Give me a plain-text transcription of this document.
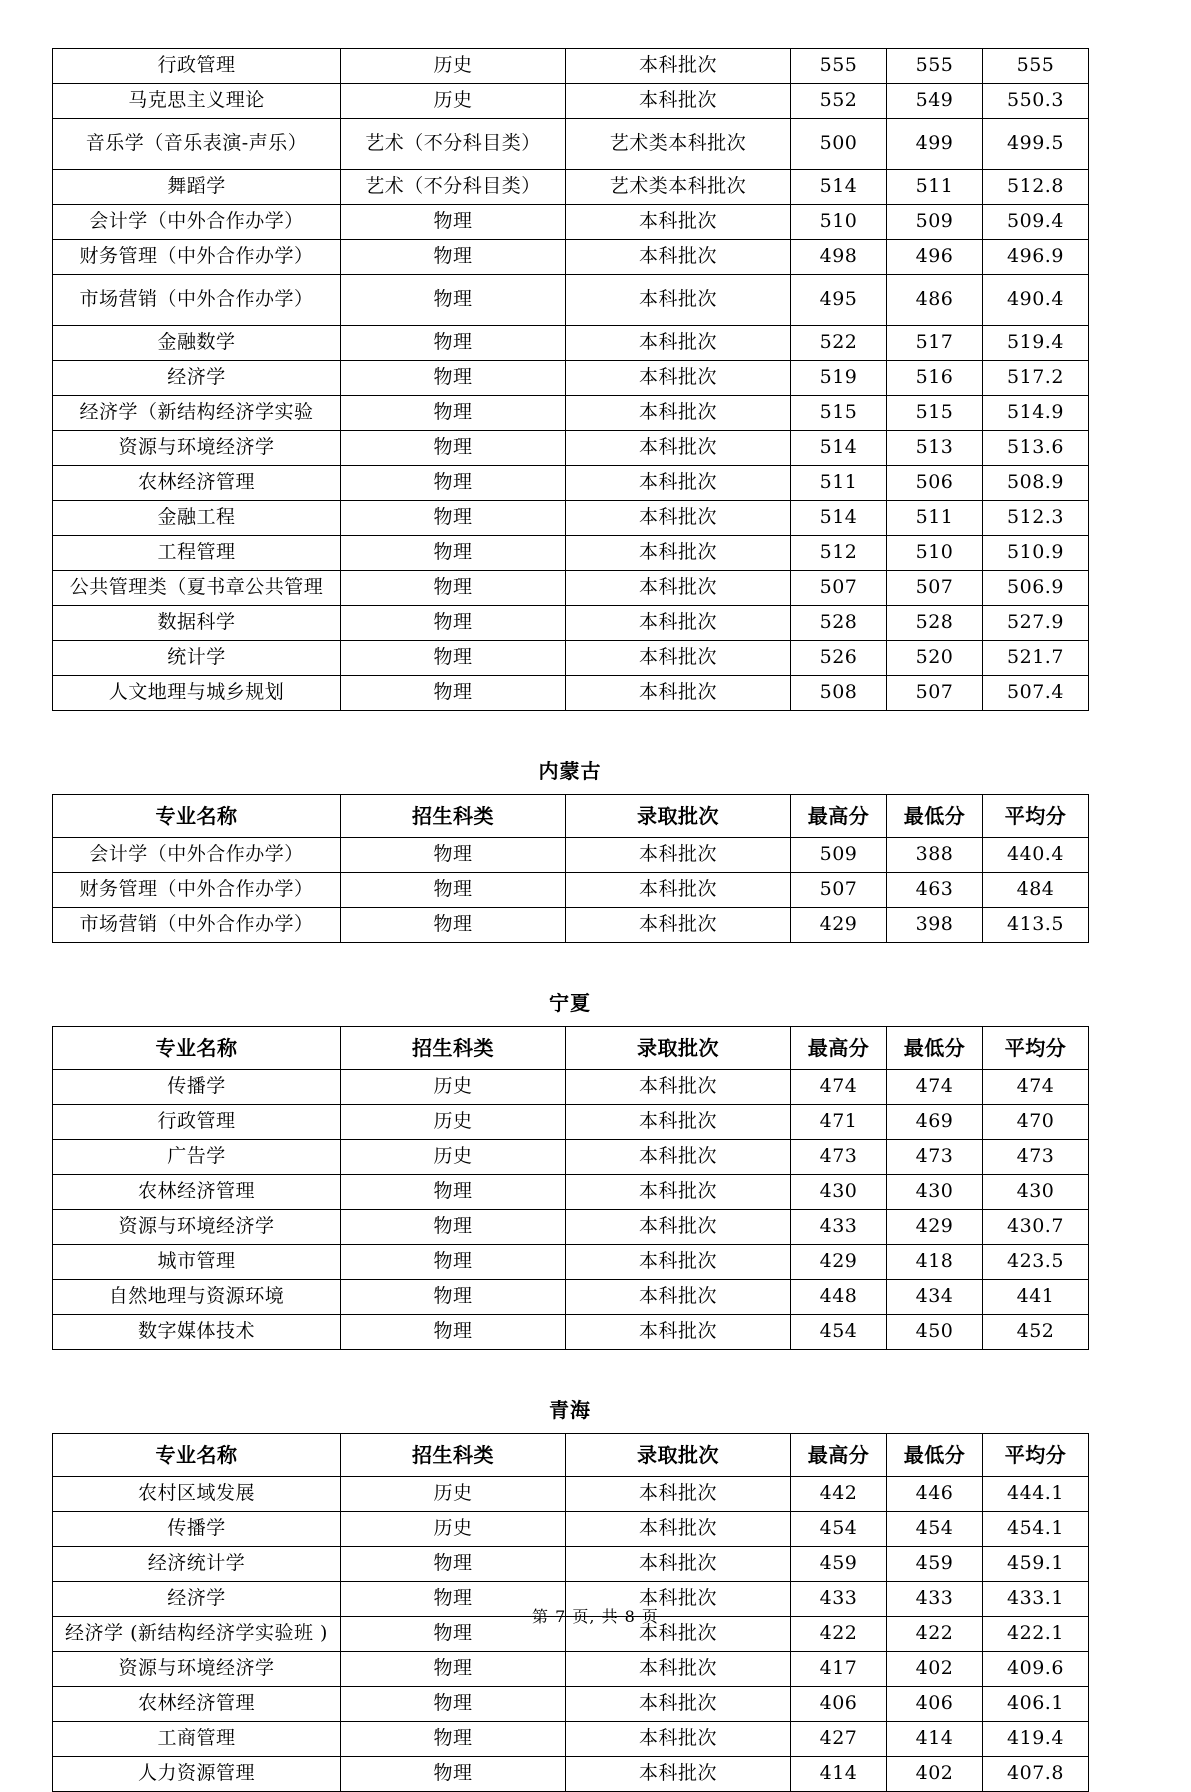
行政管理	历史	本科批次	555	555	555
马克思主义理论	历史	本科批次	552	549	550.3
音乐学（音乐表演-声乐）	艺术（不分科目类）	艺术类本科批次	500	499	499.5
舞蹈学	艺术（不分科目类）	艺术类本科批次	514	511	512.8
会计学（中外合作办学）	物理	本科批次	510	509	509.4
财务管理（中外合作办学）	物理	本科批次	498	496	496.9
市场营销（中外合作办学）	物理	本科批次	495	486	490.4
金融数学	物理	本科批次	522	517	519.4
经济学	物理	本科批次	519	516	517.2
经济学（新结构经济学实验	物理	本科批次	515	515	514.9
资源与环境经济学	物理	本科批次	514	513	513.6
农林经济管理	物理	本科批次	511	506	508.9
金融工程	物理	本科批次	514	511	512.3
工程管理	物理	本科批次	512	510	510.9
公共管理类（夏书章公共管理	物理	本科批次	507	507	506.9
数据科学	物理	本科批次	528	528	527.9
统计学	物理	本科批次	526	520	521.7
人文地理与城乡规划	物理	本科批次	508	507	507.4
内蒙古
专业名称	招生科类	录取批次	最高分	最低分	平均分
会计学（中外合作办学）	物理	本科批次	509	388	440.4
财务管理（中外合作办学）	物理	本科批次	507	463	484
市场营销（中外合作办学）	物理	本科批次	429	398	413.5
宁夏
专业名称	招生科类	录取批次	最高分	最低分	平均分
传播学	历史	本科批次	474	474	474
行政管理	历史	本科批次	471	469	470
广告学	历史	本科批次	473	473	473
农林经济管理	物理	本科批次	430	430	430
资源与环境经济学	物理	本科批次	433	429	430.7
城市管理	物理	本科批次	429	418	423.5
自然地理与资源环境	物理	本科批次	448	434	441
数字媒体技术	物理	本科批次	454	450	452
青海
专业名称	招生科类	录取批次	最高分	最低分	平均分
农村区域发展	历史	本科批次	442	446	444.1
传播学	历史	本科批次	454	454	454.1
经济统计学	物理	本科批次	459	459	459.1
经济学	物理	本科批次	433	433	433.1
经济学 (新结构经济学实验班 )	物理	本科批次	422	422	422.1
资源与环境经济学	物理	本科批次	417	402	409.6
农林经济管理	物理	本科批次	406	406	406.1
工商管理	物理	本科批次	427	414	419.4
人力资源管理	物理	本科批次	414	402	407.8
第 7 页, 共 8 页
